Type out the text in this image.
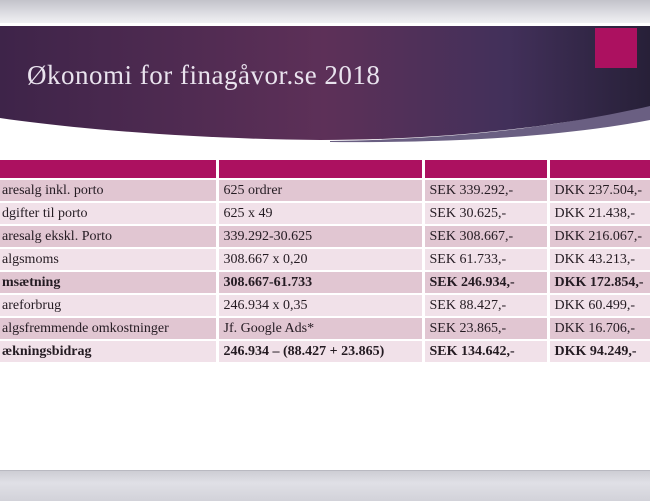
Økonomi for finagåvor.se 2018

aresalg inkl. porto	625 ordrer	SEK 339.292,-	DKK 237.504,-
dgifter til porto	625 x 49	SEK 30.625,-	DKK 21.438,-
aresalg ekskl. Porto	339.292-30.625	SEK 308.667,-	DKK 216.067,-
algsmoms	308.667 x 0,20	SEK 61.733,-	DKK 43.213,-
msætning	308.667-61.733	SEK 246.934,-	DKK 172.854,-
areforbrug	246.934 x 0,35	SEK 88.427,-	DKK 60.499,-
algsfremmende omkostninger	Jf. Google Ads*	SEK 23.865,-	DKK 16.706,-
ækningsbidrag	246.934 – (88.427 + 23.865)	SEK 134.642,-	DKK 94.249,-
